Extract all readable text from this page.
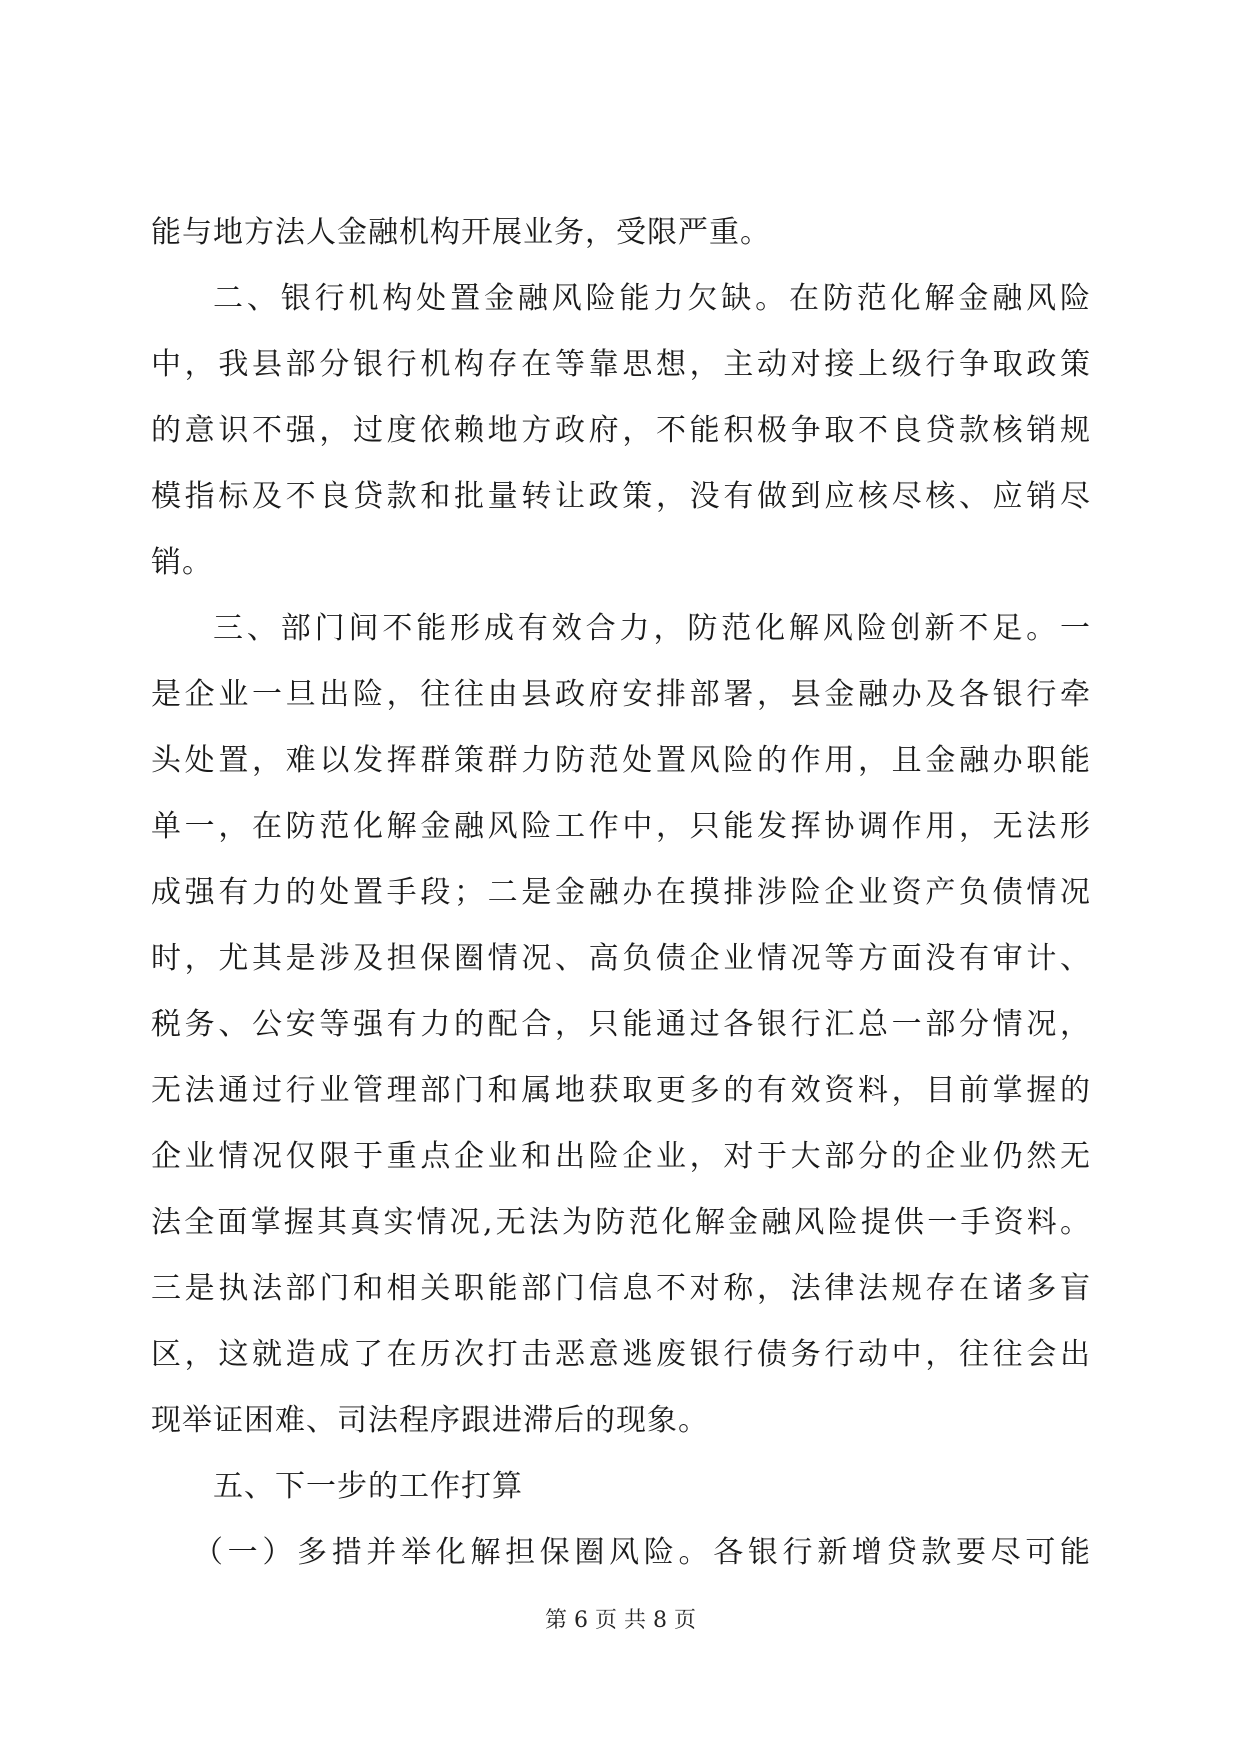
能与地方法人金融机构开展业务，受限严重。
二、银行机构处置金融风险能力欠缺。在防范化解金融风险
中，我县部分银行机构存在等靠思想，主动对接上级行争取政策
的意识不强，过度依赖地方政府，不能积极争取不良贷款核销规
模指标及不良贷款和批量转让政策，没有做到应核尽核、应销尽
销。
三、部门间不能形成有效合力，防范化解风险创新不足。一
是企业一旦出险，往往由县政府安排部署，县金融办及各银行牵
头处置，难以发挥群策群力防范处置风险的作用，且金融办职能
单一，在防范化解金融风险工作中，只能发挥协调作用，无法形
成强有力的处置手段；二是金融办在摸排涉险企业资产负债情况
时，尤其是涉及担保圈情况、高负债企业情况等方面没有审计、
税务、公安等强有力的配合，只能通过各银行汇总一部分情况，
无法通过行业管理部门和属地获取更多的有效资料，目前掌握的
企业情况仅限于重点企业和出险企业，对于大部分的企业仍然无
法全面掌握其真实情况,无法为防范化解金融风险提供一手资料。
三是执法部门和相关职能部门信息不对称，法律法规存在诸多盲
区，这就造成了在历次打击恶意逃废银行债务行动中，往往会出
现举证困难、司法程序跟进滞后的现象。
五、下一步的工作打算
（一）多措并举化解担保圈风险。各银行新增贷款要尽可能
第 6 页 共 8 页
